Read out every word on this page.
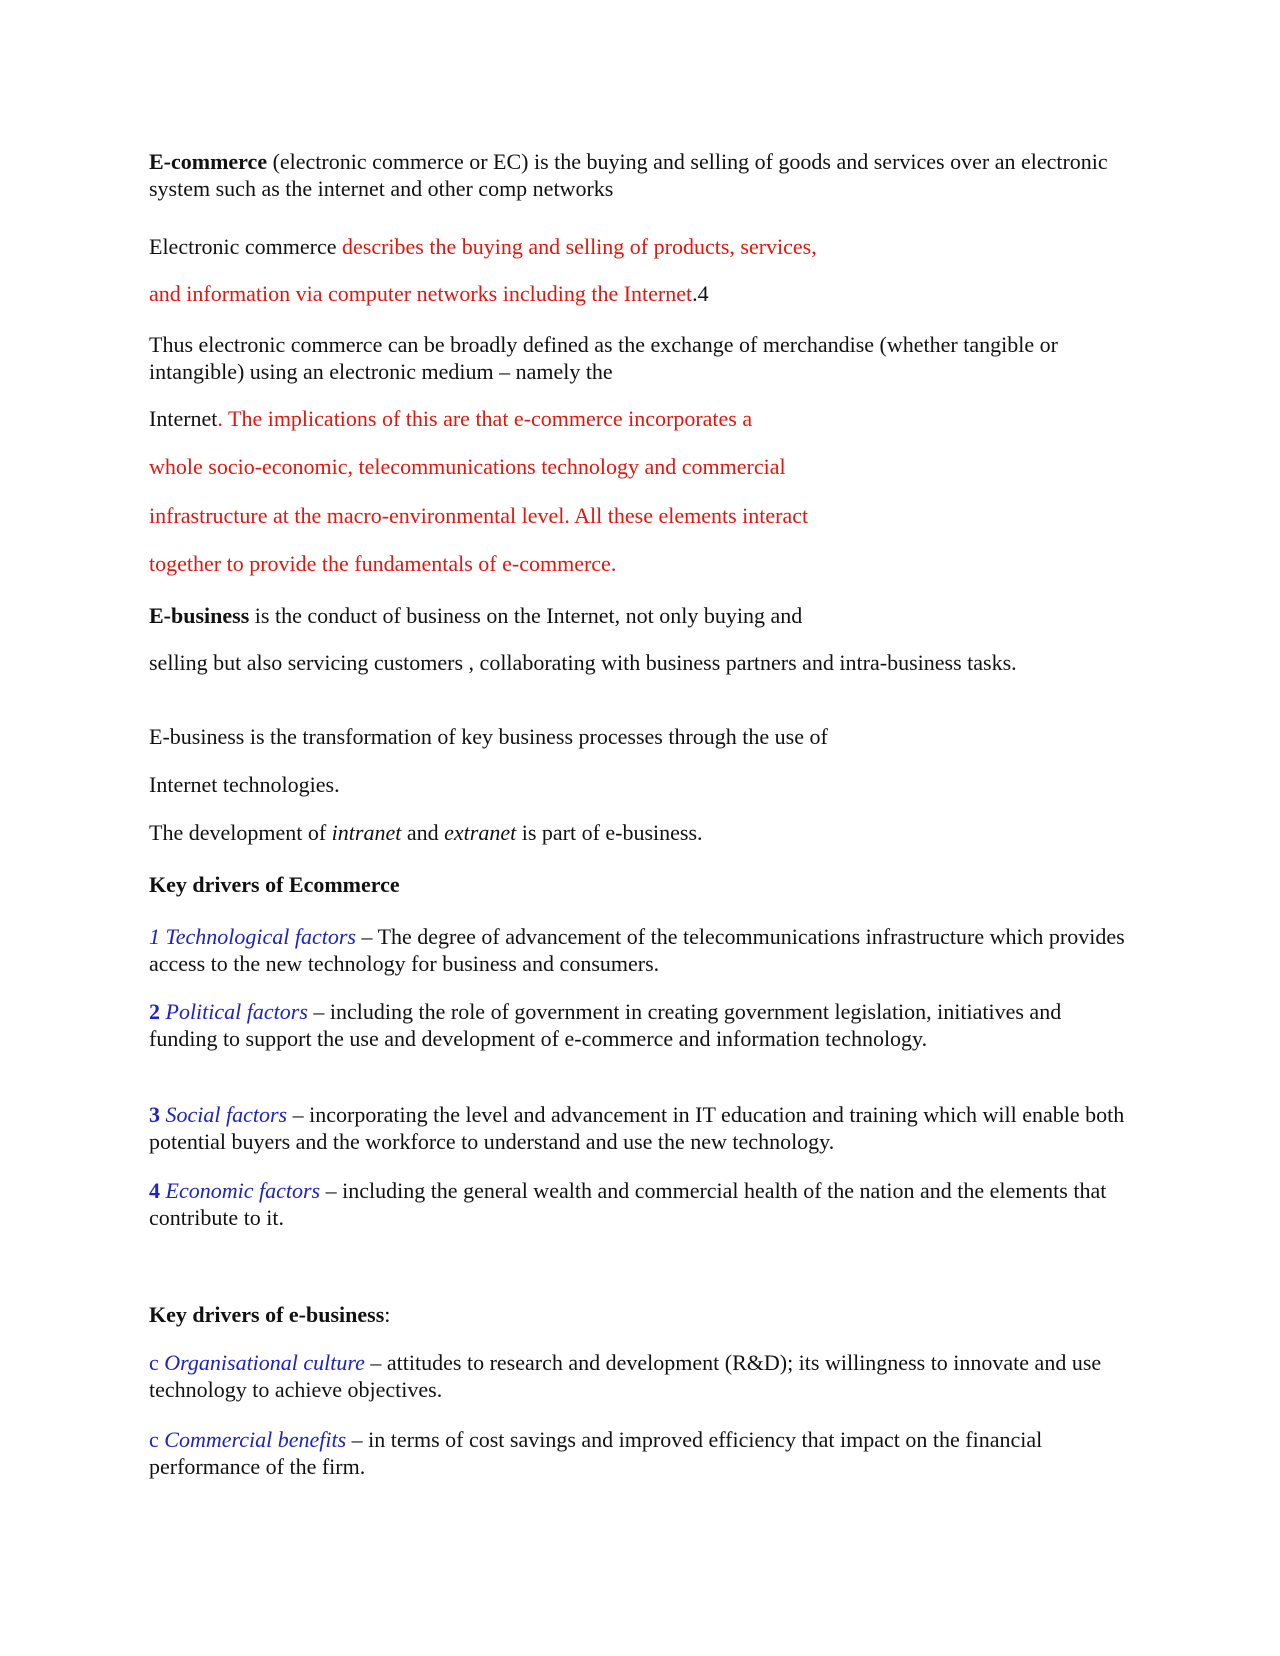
E-commerce (electronic commerce or EC) is the buying and selling of goods and services over an electronic system such as the internet and other comp networks

Electronic commerce describes the buying and selling of products, services,

and information via computer networks including the Internet.4

Thus electronic commerce can be broadly defined as the exchange of merchandise (whether tangible or intangible) using an electronic medium – namely the

Internet. The implications of this are that e-commerce incorporates a

whole socio-economic, telecommunications technology and commercial

infrastructure at the macro-environmental level. All these elements interact

together to provide the fundamentals of e-commerce.

E-business is the conduct of business on the Internet, not only buying and

selling but also servicing customers , collaborating with business partners and intra-business tasks.

E-business is the transformation of key business processes through the use of

Internet technologies.

The development of intranet and extranet is part of e-business.

Key drivers of Ecommerce

1 Technological factors – The degree of advancement of the telecommunications infrastructure which provides access to the new technology for business and consumers.

2 Political factors – including the role of government in creating government legislation, initiatives and funding to support the use and development of e-commerce and information technology.

3 Social factors – incorporating the level and advancement in IT education and training which will enable both potential buyers and the workforce to understand and use the new technology.

4 Economic factors – including the general wealth and commercial health of the nation and the elements that contribute to it.

Key drivers of e-business:

c Organisational culture – attitudes to research and development (R&D); its willingness to innovate and use technology to achieve objectives.

c Commercial benefits – in terms of cost savings and improved efficiency that impact on the financial performance of the firm.
